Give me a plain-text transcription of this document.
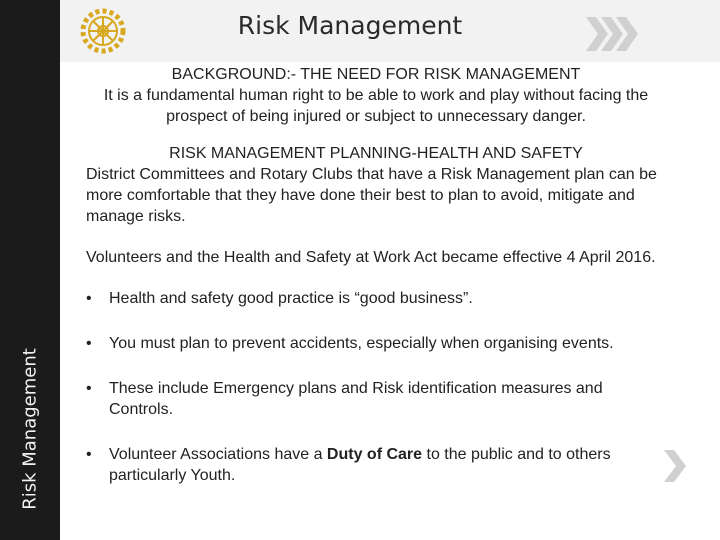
Risk Management
Risk Management

BACKGROUND:- THE NEED FOR RISK MANAGEMENT

It is a fundamental human right to be able to work and play without facing the prospect of being injured or subject to unnecessary danger.

RISK MANAGEMENT PLANNING-HEALTH AND SAFETY

District Committees and Rotary Clubs that have a Risk Management plan can be more comfortable that they have done their best to plan to avoid, mitigate and manage risks.

Volunteers and the Health and Safety at Work Act became effective 4 April 2016.

• Health and safety good practice is “good business”.
• You must plan to prevent accidents, especially when organising events.
• These include Emergency plans and Risk identification measures and Controls.
• Volunteer Associations have a Duty of Care to the public and to others particularly Youth.
